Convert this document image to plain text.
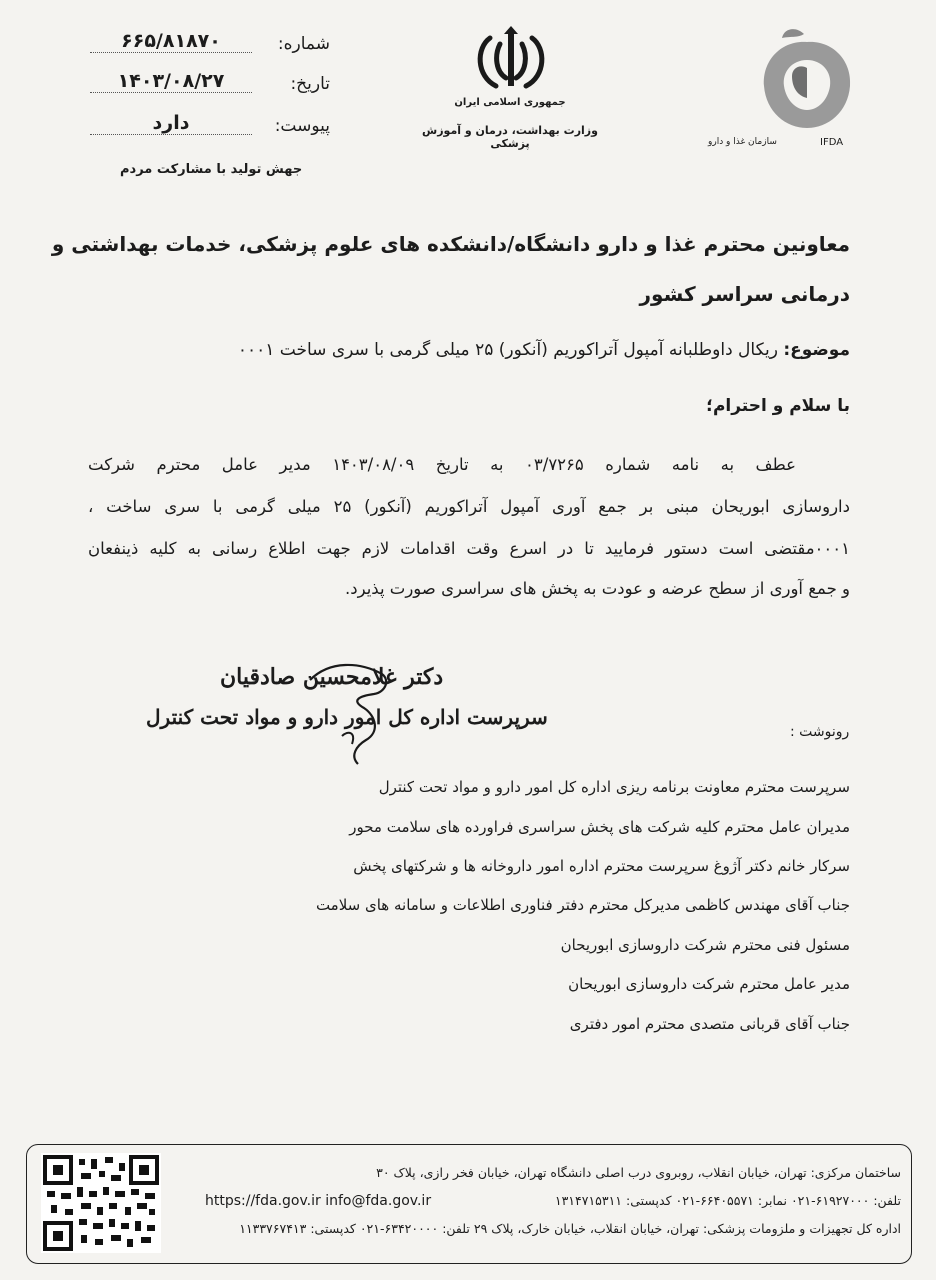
شماره:
۶۶۵/۸۱۸۷۰
تاریخ:
۱۴۰۳/۰۸/۲۷
پیوست:
دارد
جهش تولید با مشارکت مردم
جمهوری اسلامی ایران
وزارت بهداشت، درمان و آموزش پزشکی	سازمان غذا و دارو	IFDA
معاونین محترم غذا و دارو دانشگاه/دانشکده های علوم پزشکی، خدمات بهداشتی و
درمانی سراسر کشور
موضوع: ریکال داوطلبانه آمپول آتراکوریم (آنکور) ۲۵ میلی گرمی با سری ساخت ۰۰۰۱
با سلام و احترام؛
عطف به نامه شماره ۰۳/۷۲۶۵ به تاریخ ۱۴۰۳/۰۸/۰۹ مدیر عامل محترم شرکت
داروسازی ابوریحان مبنی بر جمع آوری آمپول آتراکوریم (آنکور) ۲۵ میلی گرمی با سری ساخت ،
۰۰۰۱مقتضی است دستور فرمایید تا در اسرع وقت اقدامات لازم جهت اطلاع رسانی به کلیه ذینفعان
و جمع آوری از سطح عرضه و عودت به پخش های سراسری صورت پذیرد.
دکتر غلامحسین صادقیان
سرپرست اداره کل امور دارو و مواد تحت کنترل
رونوشت :
سرپرست محترم معاونت برنامه ریزی اداره کل امور دارو و مواد تحت کنترل
مدیران عامل محترم کلیه شرکت های پخش سراسری فراورده های سلامت محور
سرکار خانم دکتر آژوغ سرپرست محترم اداره امور داروخانه ها و شرکتهای پخش
جناب آقای مهندس کاظمی مدیرکل محترم دفتر فناوری اطلاعات و سامانه های سلامت
مسئول فنی محترم شرکت داروسازی ابوریحان
مدیر عامل محترم شرکت داروسازی ابوریحان
جناب آقای قربانی متصدی محترم امور دفتری
ساختمان مرکزی: تهران، خیابان انقلاب، روبروی درب اصلی دانشگاه تهران، خیابان فخر رازی، پلاک ۳۰
تلفن: ۶۱۹۲۷۰۰۰-۰۲۱ نمابر: ۶۶۴۰۵۵۷۱-۰۲۱ کدپستی: ۱۳۱۴۷۱۵۳۱۱
https://fda.gov.ir info@fda.gov.ir
اداره کل تجهیزات و ملزومات پزشکی: تهران، خیابان انقلاب، خیابان خارک، پلاک ۲۹ تلفن: ۶۳۴۲۰۰۰۰-۰۲۱ کدپستی: ۱۱۳۳۷۶۷۴۱۳
